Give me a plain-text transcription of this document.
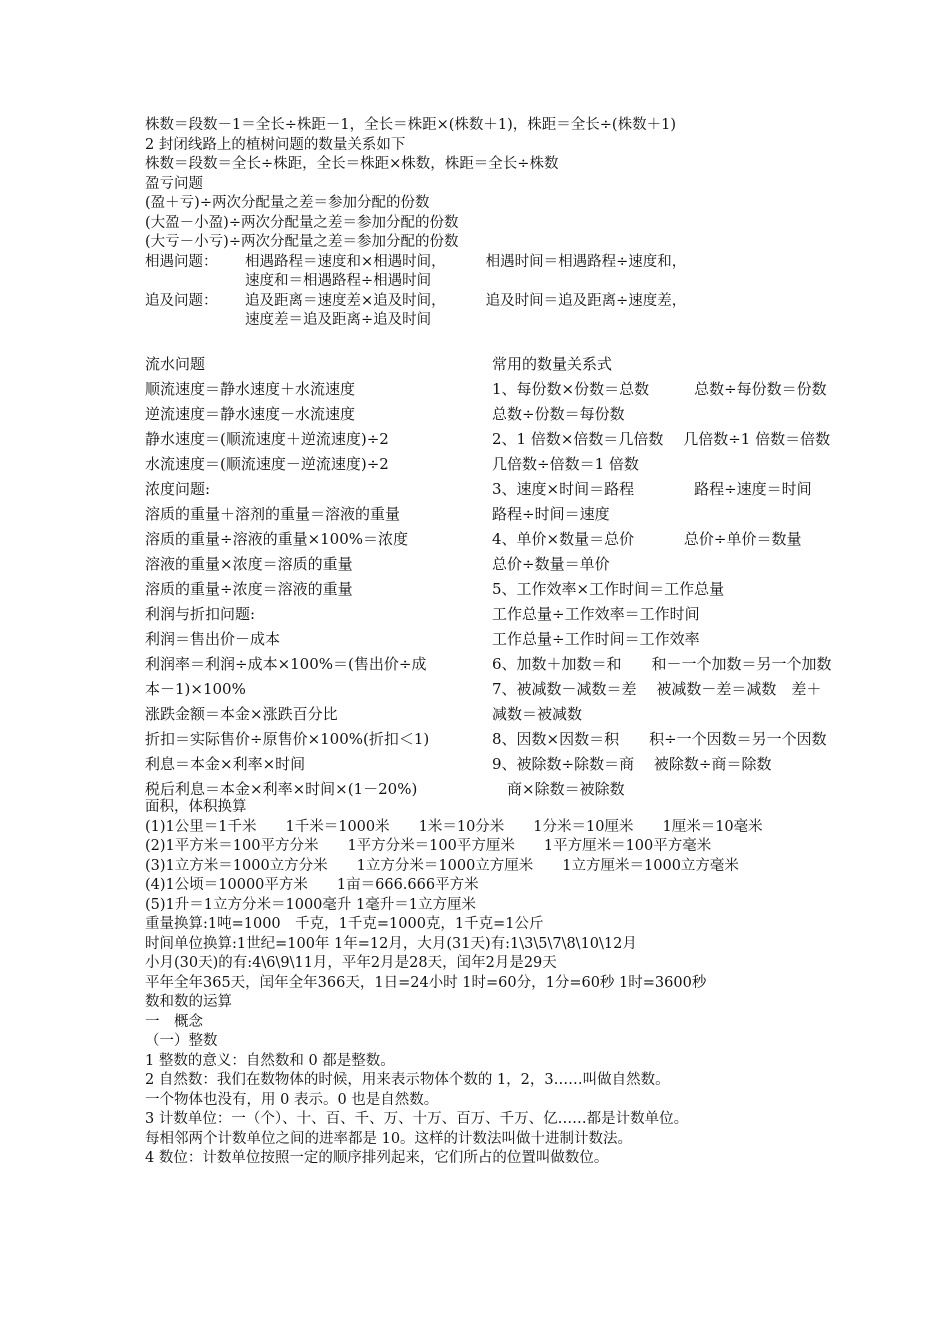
株数＝段数－1＝全长÷株距－1，全长＝株距×(株数＋1)，株距＝全长÷(株数＋1)
2 封闭线路上的植树问题的数量关系如下
株数＝段数＝全长÷株距，全长＝株距×株数，株距＝全长÷株数
盈亏问题
(盈＋亏)÷两次分配量之差＝参加分配的份数
(大盈－小盈)÷两次分配量之差＝参加分配的份数
(大亏－小亏)÷两次分配量之差＝参加分配的份数
相遇问题： 相遇路程＝速度和×相遇时间，	相遇时间＝相遇路程÷速度和，
速度和＝相遇路程÷相遇时间
追及问题： 追及距离＝速度差×追及时间，	追及时间＝追及距离÷速度差，
速度差＝追及距离÷追及时间
流水问题
顺流速度＝静水速度＋水流速度
逆流速度＝静水速度－水流速度
静水速度＝(顺流速度＋逆流速度)÷2
水流速度＝(顺流速度－逆流速度)÷2
浓度问题:
溶质的重量＋溶剂的重量＝溶液的重量
溶质的重量÷溶液的重量×100%＝浓度
溶液的重量×浓度＝溶质的重量
溶质的重量÷浓度＝溶液的重量
利润与折扣问题:
利润＝售出价－成本
利润率＝利润÷成本×100%＝(售出价÷成
本－1)×100%
涨跌金额＝本金×涨跌百分比
折扣＝实际售价÷原售价×100%(折扣＜1)
利息＝本金×利率×时间
税后利息＝本金×利率×时间×(1－20%)
常用的数量关系式
1、每份数×份数＝总数　　　总数÷每份数＝份数
总数÷份数＝每份数
2、1 倍数×倍数＝几倍数　 几倍数÷1 倍数＝倍数
几倍数÷倍数＝1 倍数
3、速度×时间＝路程　　　　路程÷速度＝时间
路程÷时间＝速度
4、单价×数量＝总价　　　 总价÷单价＝数量
总价÷数量＝单价
5、工作效率×工作时间＝工作总量
工作总量÷工作效率＝工作时间
工作总量÷工作时间＝工作效率
6、加数＋加数＝和　　和－一个加数＝另一个加数
7、被减数－减数＝差　 被减数－差＝减数　差＋
减数＝被减数
8、因数×因数＝积　　积÷一个因数＝另一个因数
9、被除数÷除数＝商　 被除数÷商＝除数
　商×除数＝被除数
面积，体积换算
(1)1公里＝1千米　　1千米＝1000米　　1米＝10分米　　1分米＝10厘米　　1厘米＝10毫米
(2)1平方米＝100平方分米　　1平方分米＝100平方厘米　　1平方厘米＝100平方毫米
(3)1立方米＝1000立方分米　　1立方分米＝1000立方厘米　　1立方厘米＝1000立方毫米
(4)1公顷＝10000平方米　　1亩＝666.666平方米
(5)1升＝1立方分米＝1000毫升 1毫升＝1立方厘米
重量换算:1吨=1000　千克，1千克=1000克，1千克=1公斤
时间单位换算:1世纪=100年 1年=12月，大月(31天)有:1\3\5\7\8\10\12月
小月(30天)的有:4\6\9\11月，平年2月是28天，闰年2月是29天
平年全年365天，闰年全年366天，1日=24小时 1时=60分，1分=60秒 1时=3600秒
数和数的运算
一　概念
（一）整数
1 整数的意义：自然数和 0 都是整数。
2 自然数：我们在数物体的时候，用来表示物体个数的 1，2，3……叫做自然数。
一个物体也没有，用 0 表示。0 也是自然数。
3 计数单位：一（个）、十、百、千、万、十万、百万、千万、亿……都是计数单位。
每相邻两个计数单位之间的进率都是 10。这样的计数法叫做十进制计数法。
4 数位：计数单位按照一定的顺序排列起来，它们所占的位置叫做数位。
